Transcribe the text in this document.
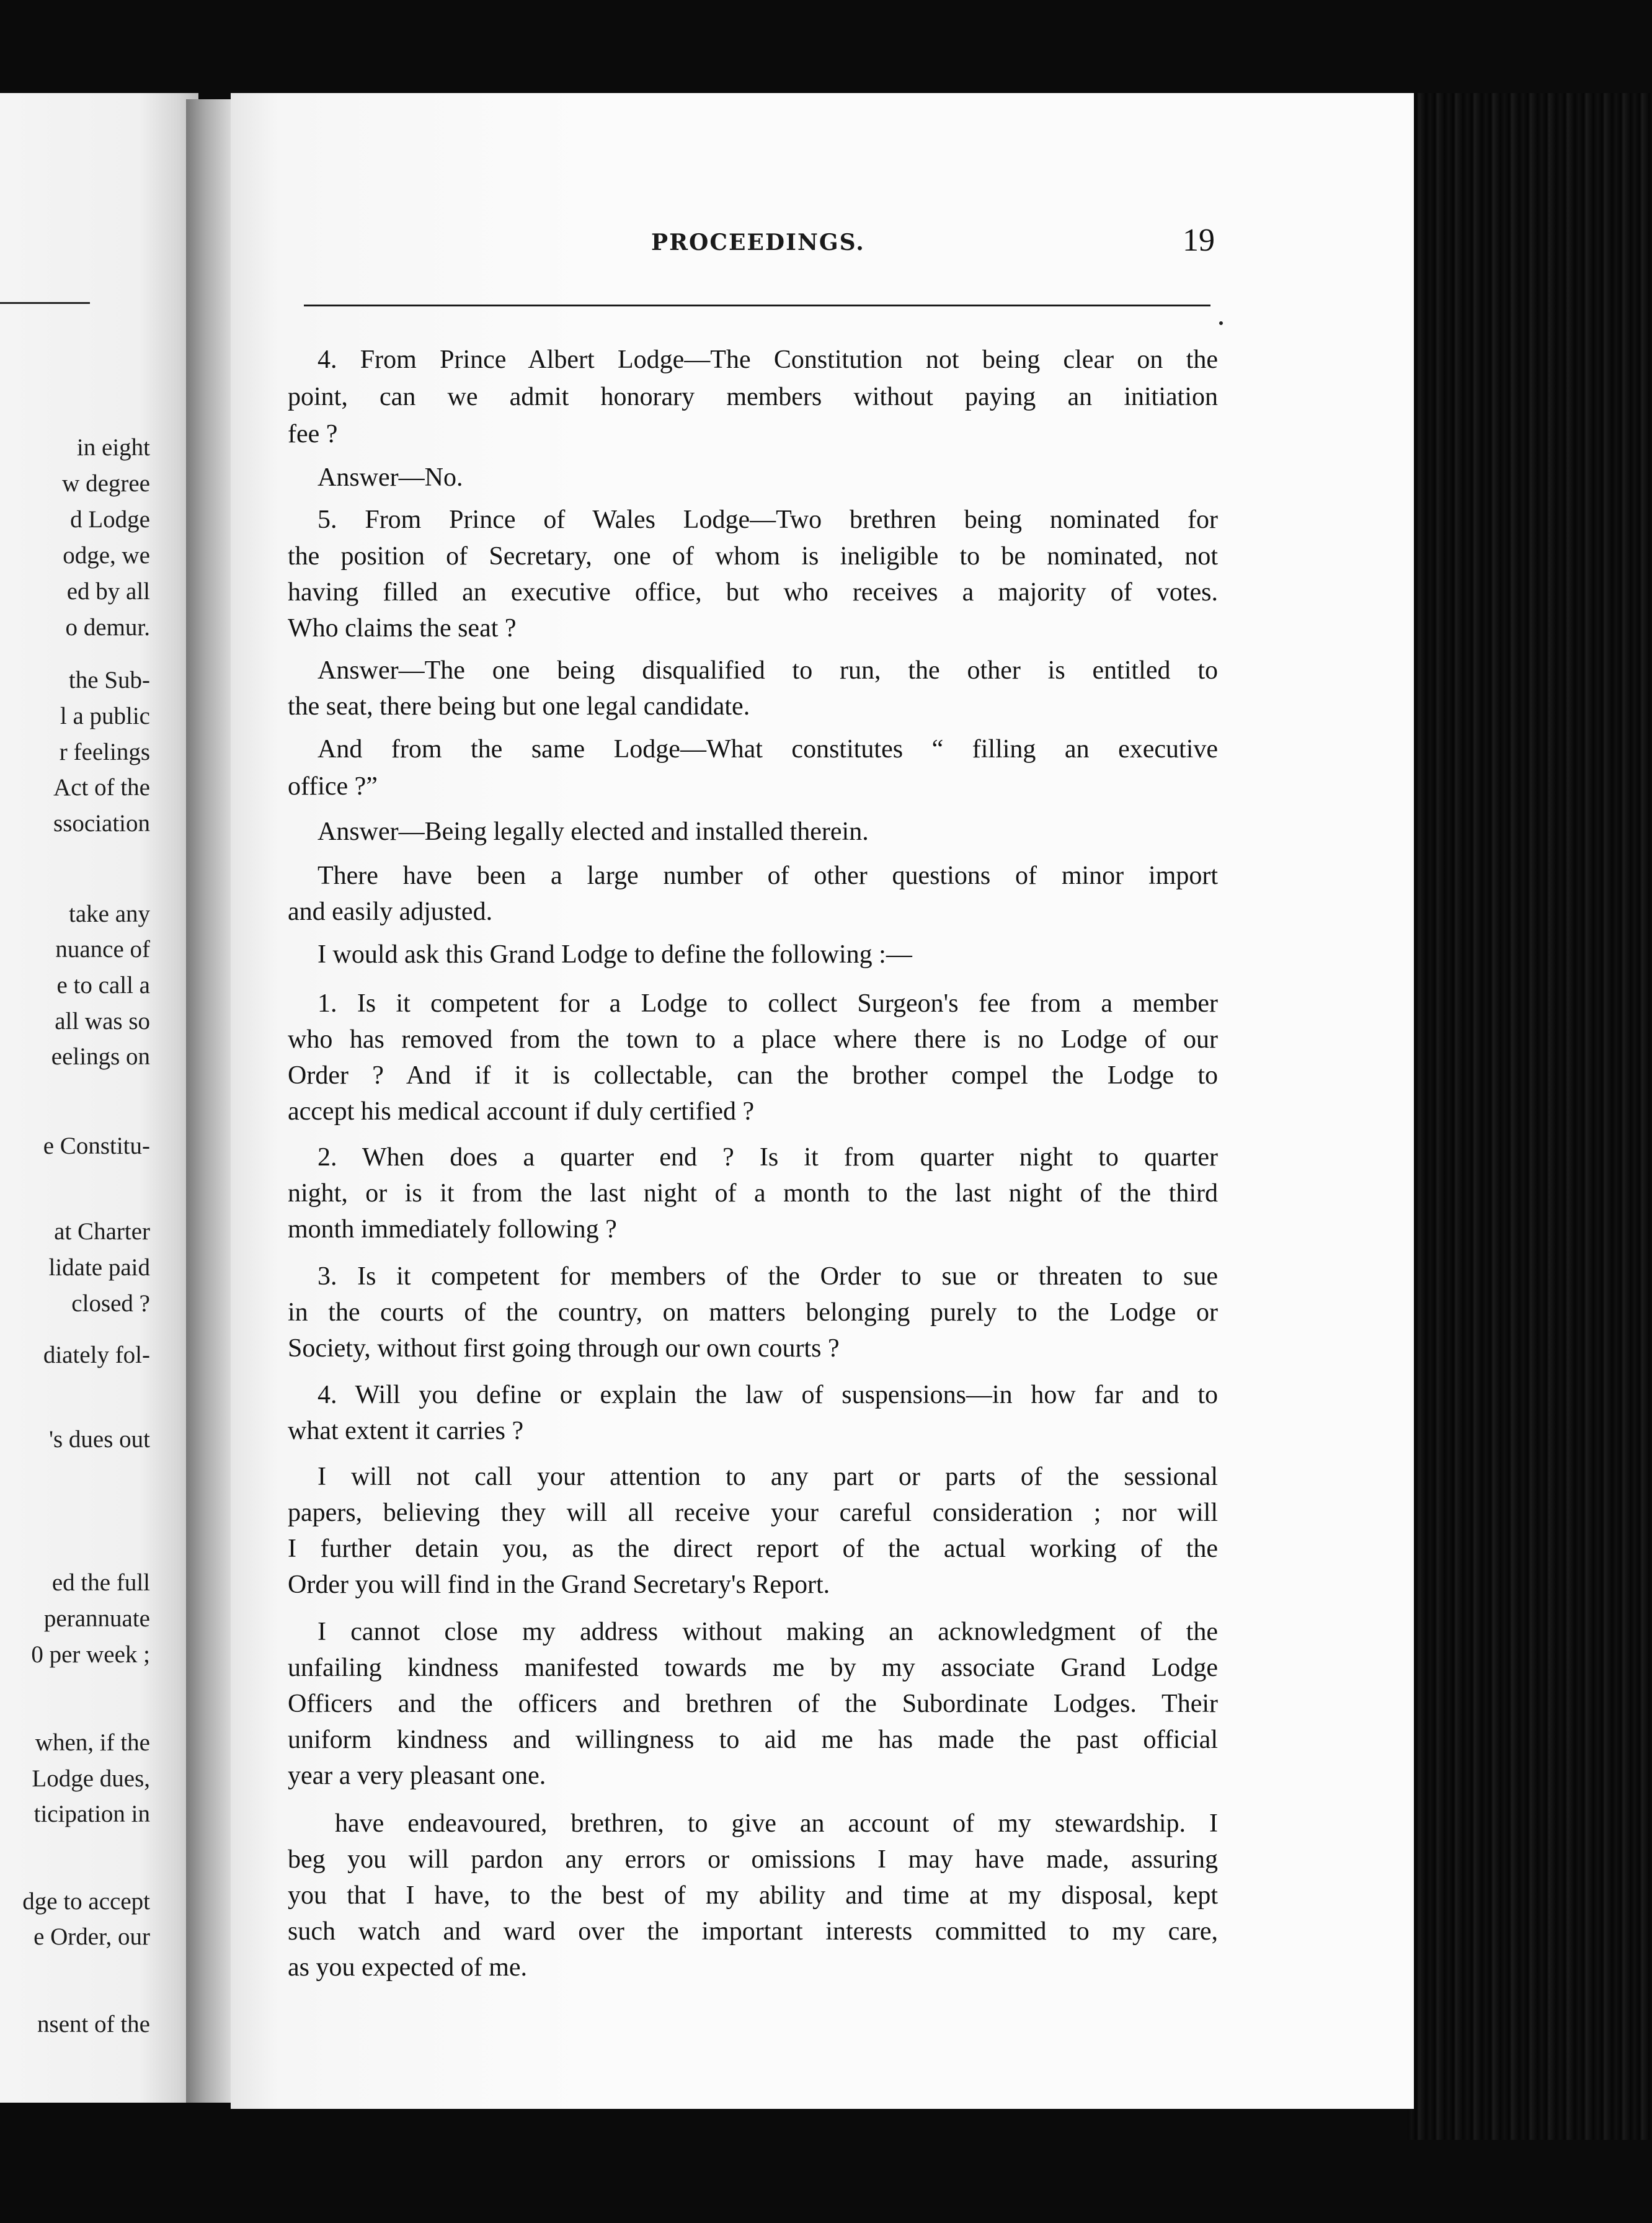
in eight
w degree
d Lodge
odge, we
ed by all
o demur.
the Sub-
l a public
r feelings
Act of the
ssociation
take any
nuance of
e to call a
all was so
eelings on
e Constitu-
at Charter
lidate paid
closed ?
diately fol-
's dues out
ed the full
perannuate
0 per week ;
when, if the
Lodge dues,
ticipation in
dge to accept
e Order, our
nsent of the
PROCEEDINGS.	19
4. From Prince Albert Lodge—The Constitution not being clear on the
point, can we admit honorary members without paying an initiation
fee ?
Answer—No.
5. From Prince of Wales Lodge—Two brethren being nominated for
the position of Secretary, one of whom is ineligible to be nominated, not
having filled an executive office, but who receives a majority of votes.
Who claims the seat ?
Answer—The one being disqualified to run, the other is entitled to
the seat, there being but one legal candidate.
And from the same Lodge—What constitutes “ filling an executive
office ?”
Answer—Being legally elected and installed therein.
There have been a large number of other questions of minor import
and easily adjusted.
I would ask this Grand Lodge to define the following :—
1. Is it competent for a Lodge to collect Surgeon's fee from a member
who has removed from the town to a place where there is no Lodge of our
Order ? And if it is collectable, can the brother compel the Lodge to
accept his medical account if duly certified ?
2. When does a quarter end ? Is it from quarter night to quarter
night, or is it from the last night of a month to the last night of the third
month immediately following ?
3. Is it competent for members of the Order to sue or threaten to sue
in the courts of the country, on matters belonging purely to the Lodge or
Society, without first going through our own courts ?
4. Will you define or explain the law of suspensions—in how far and to
what extent it carries ?
I will not call your attention to any part or parts of the sessional
papers, believing they will all receive your careful consideration ; nor will
I further detain you, as the direct report of the actual working of the
Order you will find in the Grand Secretary's Report.
I cannot close my address without making an acknowledgment of the
unfailing kindness manifested towards me by my associate Grand Lodge
Officers and the officers and brethren of the Subordinate Lodges. Their
uniform kindness and willingness to aid me has made the past official
year a very pleasant one.
have endeavoured, brethren, to give an account of my stewardship. I
beg you will pardon any errors or omissions I may have made, assuring
you that I have, to the best of my ability and time at my disposal, kept
such watch and ward over the important interests committed to my care,
as you expected of me.
